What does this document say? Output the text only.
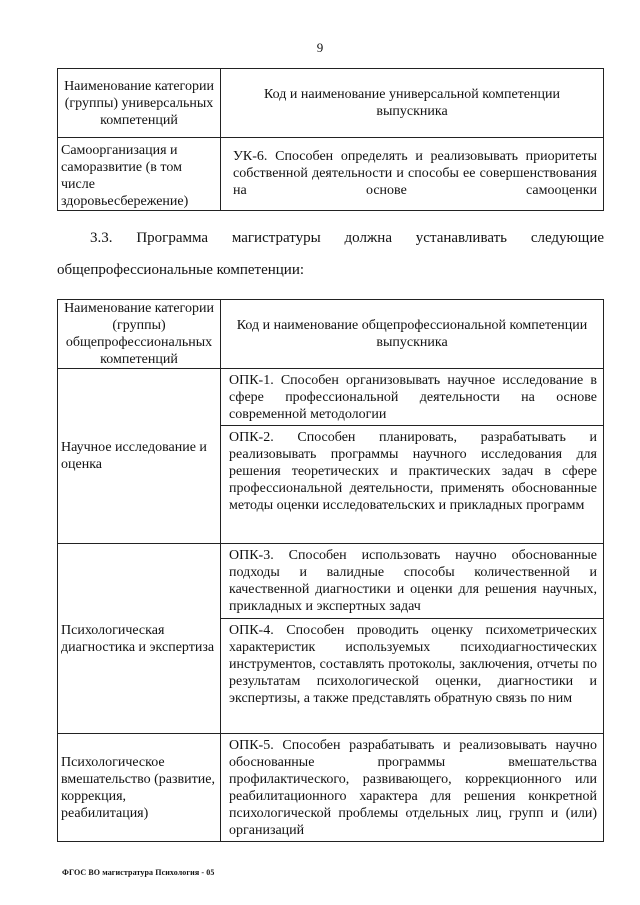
9
Наименование категории (группы) универсальных компетенций	Код и наименование универсальной компетенции выпускника
Самоорганизация и саморазвитие (в том числе здоровьесбережение)	УК-6. Способен определять и реализовывать приоритеты собственной деятельности и способы ее совершенствования на основе самооценки

3.3. Программа магистратуры должна устанавливать следующие
общепрофессиональные компетенции:

Наименование категории (группы) общепрофессиональных компетенций	Код и наименование общепрофессиональной компетенции выпускника
Научное исследование и оценка	ОПК-1. Способен организовывать научное исследование в сфере профессиональной деятельности на основе современной методологии

	ОПК-2. Способен планировать, разрабатывать и реализовывать программы научного исследования для решения теоретических и практических задач в сфере профессиональной деятельности, применять обоснованные методы оценки исследовательских и прикладных программ

Психологическая диагностика и экспертиза	ОПК-3. Способен использовать научно обоснованные подходы и валидные способы количественной и качественной диагностики и оценки для решения научных, прикладных и экспертных задач

	ОПК-4. Способен проводить оценку психометрических характеристик используемых психодиагностических инструментов, составлять протоколы, заключения, отчеты по результатам психологической оценки, диагностики и экспертизы, а также представлять обратную связь по ним

Психологическое вмешательство (развитие, коррекция, реабилитация)	ОПК-5. Способен разрабатывать и реализовывать научно обоснованные программы вмешательства профилактического, развивающего, коррекционного или реабилитационного характера для решения конкретной психологической проблемы отдельных лиц, групп и (или) организаций
ФГОС ВО магистратура Психология - 05
